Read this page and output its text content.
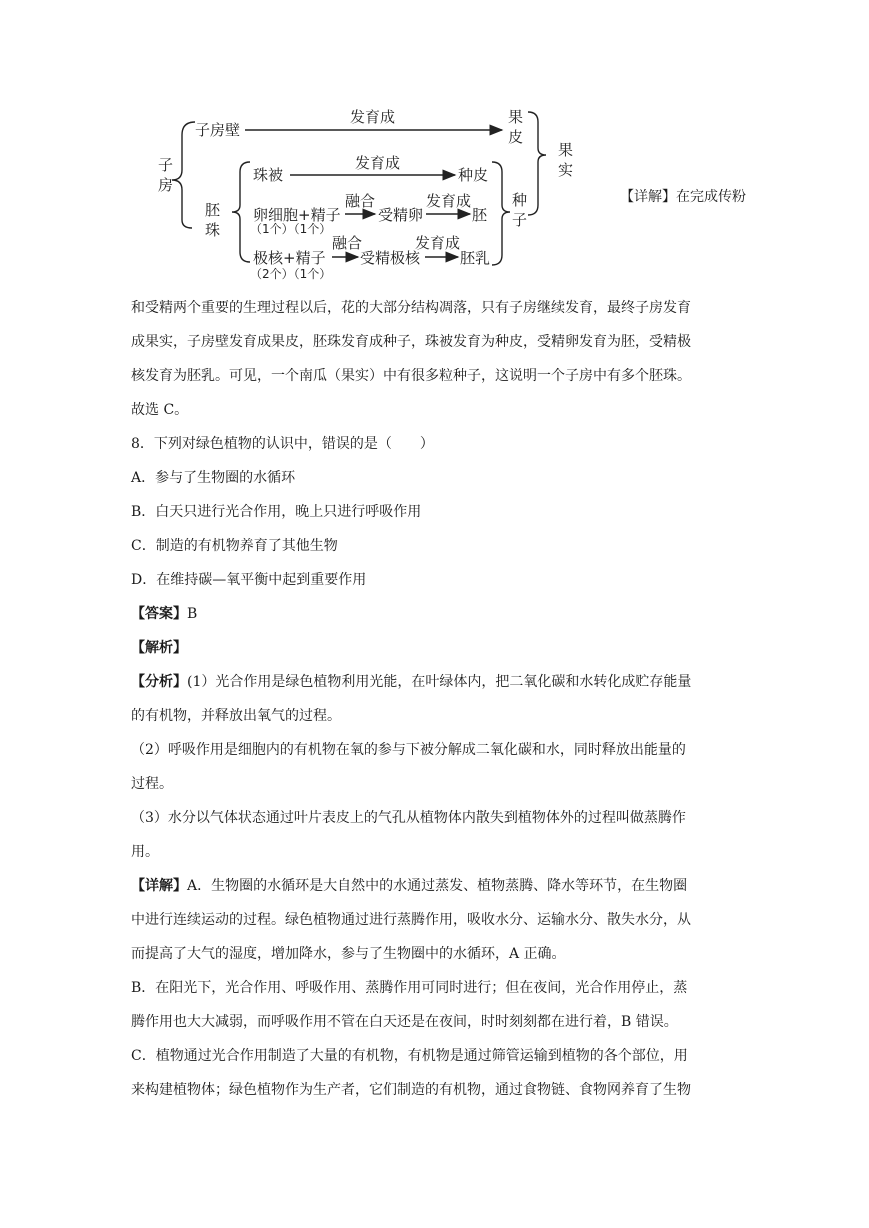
子
房
子房壁
发育成	果
皮
胚
珠
珠被
发育成
种皮
卵细胞+精子
（1个）（1个）
融合
受精卵
发育成
胚
极核+精子
（2个）（1个）
融合
受精极核
发育成
胚乳
种
子
果
实
【详解】在完成传粉
和受精两个重要的生理过程以后，花的大部分结构凋落，只有子房继续发育，最终子房发育
成果实，子房壁发育成果皮，胚珠发育成种子，珠被发育为种皮，受精卵发育为胚，受精极
核发育为胚乳。可见，一个南瓜（果实）中有很多粒种子，这说明一个子房中有多个胚珠。
故选 C。
8．下列对绿色植物的认识中，错误的是（　　）
A．参与了生物圈的水循环
B．白天只进行光合作用，晚上只进行呼吸作用
C．制造的有机物养育了其他生物
D．在维持碳—氧平衡中起到重要作用
【答案】B
【解析】
【分析】(1）光合作用是绿色植物利用光能，在叶绿体内，把二氧化碳和水转化成贮存能量
的有机物，并释放出氧气的过程。
（2）呼吸作用是细胞内的有机物在氧的参与下被分解成二氧化碳和水，同时释放出能量的
过程。
（3）水分以气体状态通过叶片表皮上的气孔从植物体内散失到植物体外的过程叫做蒸腾作
用。
【详解】A．生物圈的水循环是大自然中的水通过蒸发、植物蒸腾、降水等环节，在生物圈
中进行连续运动的过程。绿色植物通过进行蒸腾作用，吸收水分、运输水分、散失水分，从
而提高了大气的湿度，增加降水，参与了生物圈中的水循环，A 正确。
B．在阳光下，光合作用、呼吸作用、蒸腾作用可同时进行；但在夜间，光合作用停止，蒸
腾作用也大大减弱，而呼吸作用不管在白天还是在夜间，时时刻刻都在进行着，B 错误。
C．植物通过光合作用制造了大量的有机物，有机物是通过筛管运输到植物的各个部位，用
来构建植物体；绿色植物作为生产者，它们制造的有机物，通过食物链、食物网养育了生物
